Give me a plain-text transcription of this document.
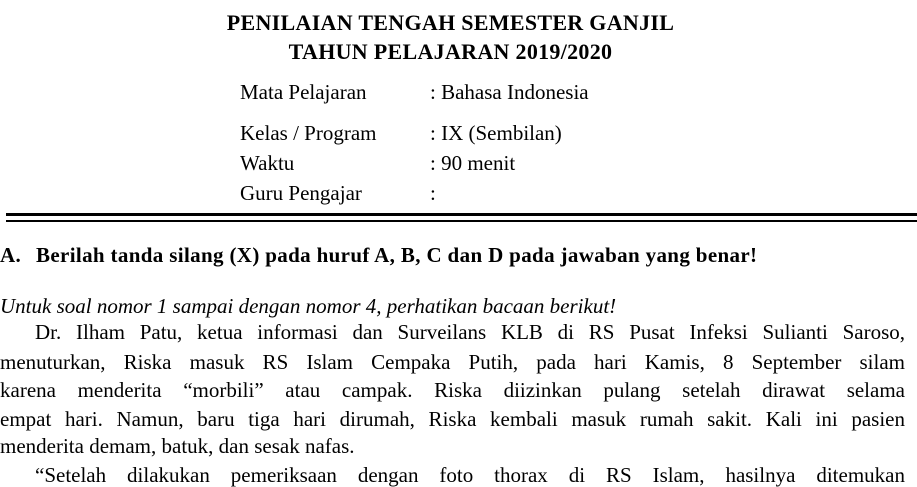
PENILAIAN TENGAH SEMESTER GANJIL
TAHUN PELAJARAN 2019/2020
Mata Pelajaran	: Bahasa Indonesia
Kelas / Program	: IX (Sembilan)
Waktu	: 90 menit
Guru Pengajar	:
A. Berilah tanda silang (X) pada huruf A, B, C dan D pada jawaban yang benar!
Untuk soal nomor 1 sampai dengan nomor 4, perhatikan bacaan berikut!
Dr. Ilham Patu, ketua informasi dan Surveilans KLB di RS Pusat Infeksi Sulianti Saroso,
menuturkan, Riska masuk RS Islam Cempaka Putih, pada hari Kamis, 8 September silam
karena menderita “morbili” atau campak. Riska diizinkan pulang setelah dirawat selama
empat hari. Namun, baru tiga hari dirumah, Riska kembali masuk rumah sakit. Kali ini pasien
menderita demam, batuk, dan sesak nafas.
“Setelah dilakukan pemeriksaan dengan foto thorax di RS Islam, hasilnya ditemukan
